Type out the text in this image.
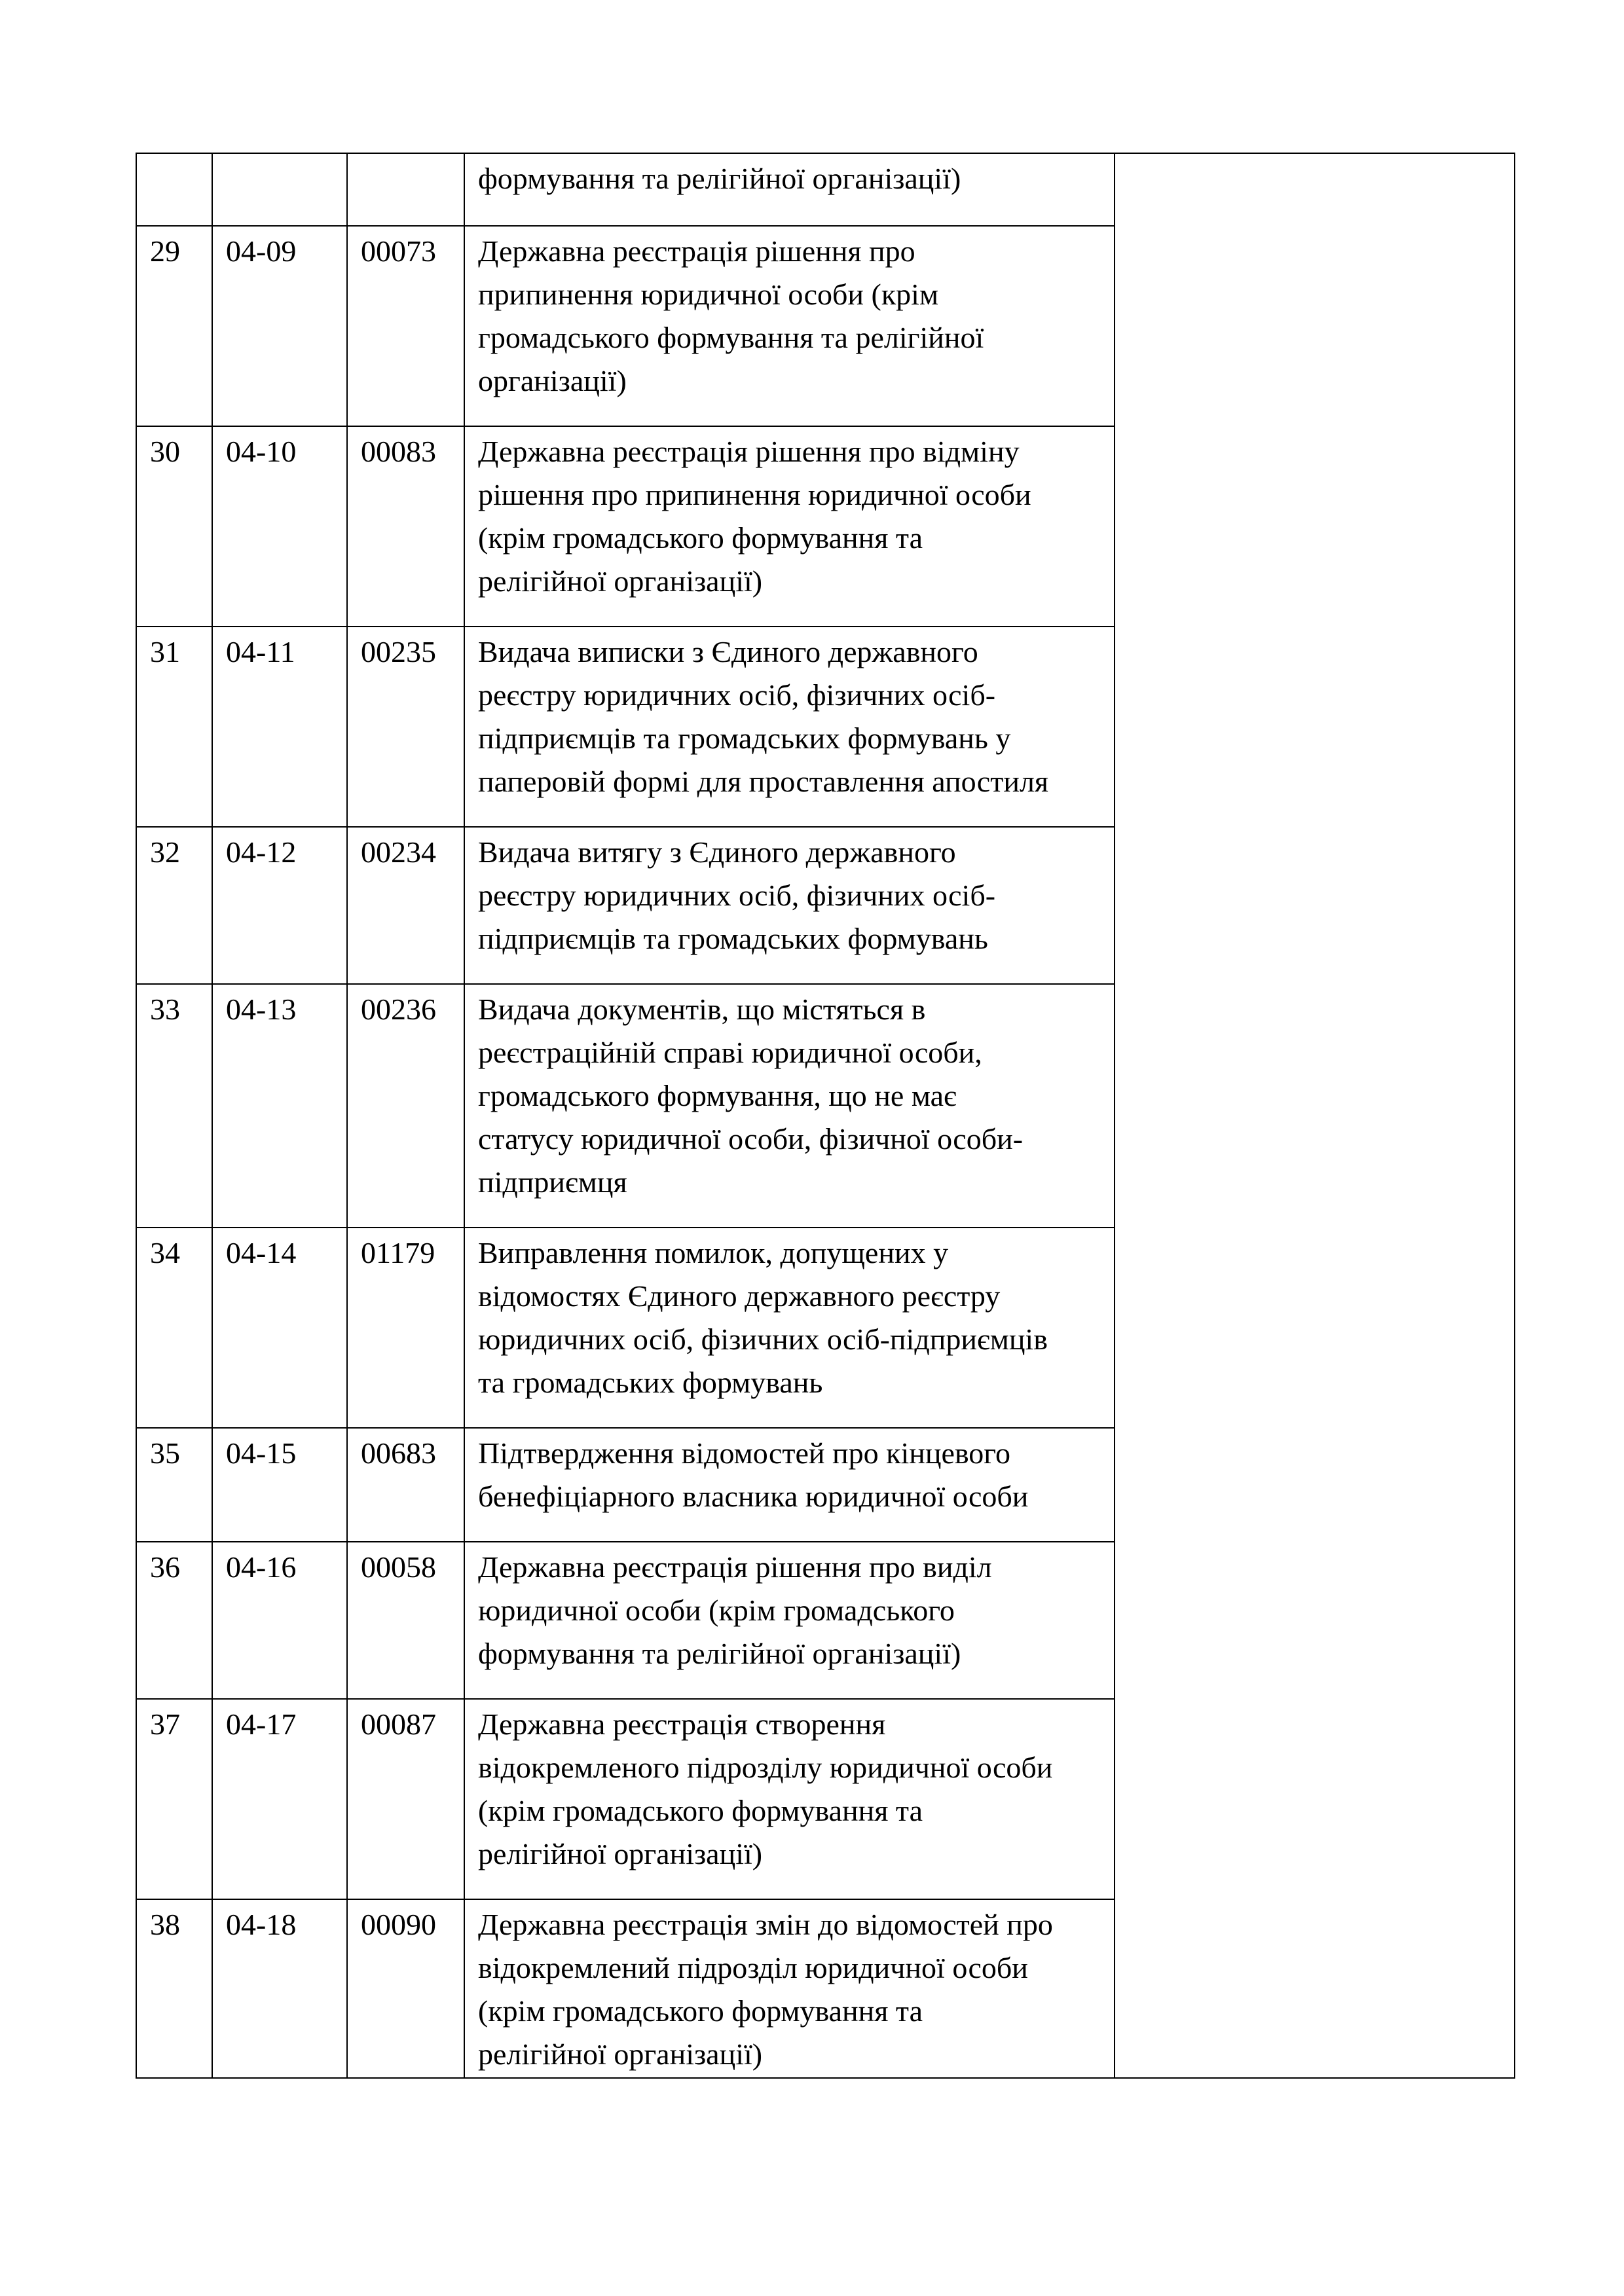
			формування та релігійної організації)	

29	04-09	00073	Державна реєстрація рішення про
припинення юридичної особи (крім
громадського формування та релігійної
організації)	

30	04-10	00083	Державна реєстрація рішення про відміну
рішення про припинення юридичної особи
(крім громадського формування та
релігійної організації)	

31	04-11	00235	Видача виписки з Єдиного державного
реєстру юридичних осіб, фізичних осіб-
підприємців та громадських формувань у
паперовій формі для проставлення апостиля	

32	04-12	00234	Видача витягу з Єдиного державного
реєстру юридичних осіб, фізичних осіб-
підприємців та громадських формувань	

33	04-13	00236	Видача документів, що містяться в
реєстраційній справі юридичної особи,
громадського формування, що не має
статусу юридичної особи, фізичної особи-
підприємця	

34	04-14	01179	Виправлення помилок, допущених у
відомостях Єдиного державного реєстру
юридичних осіб, фізичних осіб-підприємців
та громадських формувань	

35	04-15	00683	Підтвердження відомостей про кінцевого
бенефіціарного власника юридичної особи	

36	04-16	00058	Державна реєстрація рішення про виділ
юридичної особи (крім громадського
формування та релігійної організації)	

37	04-17	00087	Державна реєстрація створення
відокремленого підрозділу юридичної особи
(крім громадського формування та
релігійної організації)	

38	04-18	00090	Державна реєстрація змін до відомостей про
відокремлений підрозділ юридичної особи
(крім громадського формування та
релігійної організації)	
